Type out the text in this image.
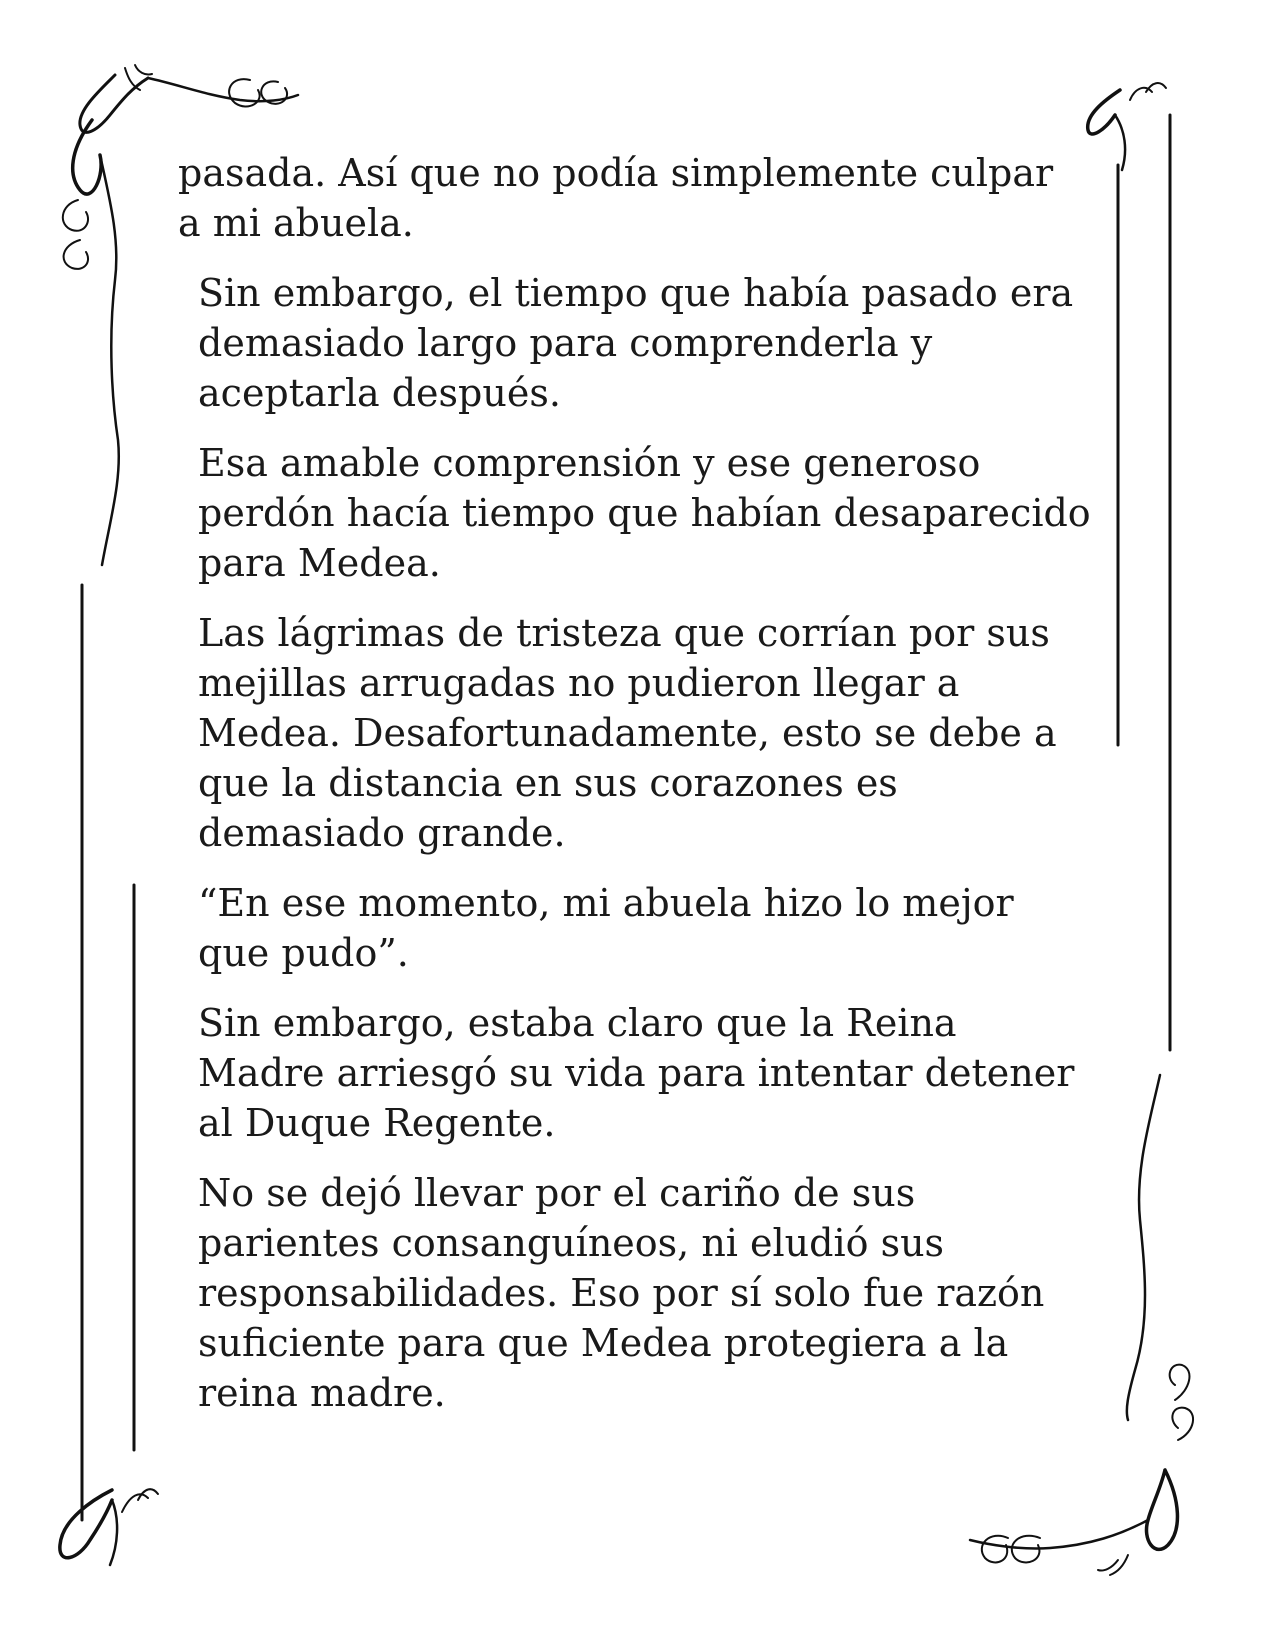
pasada. Así que no podía simplemente culpar
a mi abuela.

Sin embargo, el tiempo que había pasado era
demasiado largo para comprenderla y
aceptarla después.

Esa amable comprensión y ese generoso
perdón hacía tiempo que habían desaparecido
para Medea.

Las lágrimas de tristeza que corrían por sus
mejillas arrugadas no pudieron llegar a
Medea. Desafortunadamente, esto se debe a
que la distancia en sus corazones es
demasiado grande.

“En ese momento, mi abuela hizo lo mejor
que pudo”.

Sin embargo, estaba claro que la Reina
Madre arriesgó su vida para intentar detener
al Duque Regente.

No se dejó llevar por el cariño de sus
parientes consanguíneos, ni eludió sus
responsabilidades. Eso por sí solo fue razón
suficiente para que Medea protegiera a la
reina madre.
